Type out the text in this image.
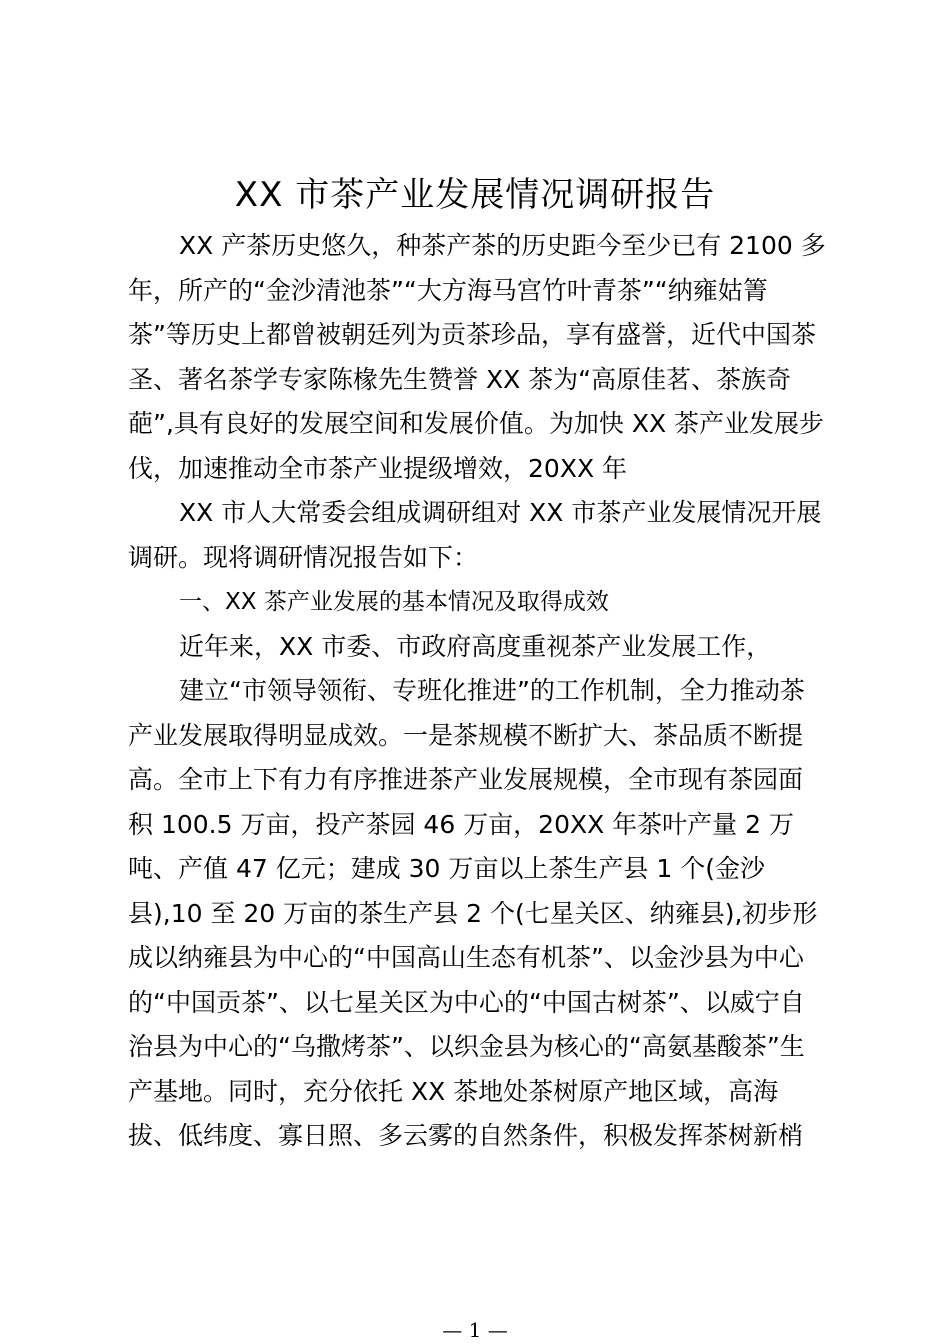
XX 市茶产业发展情况调研报告
XX 产茶历史悠久，种茶产茶的历史距今至少已有 2100 多
年，所产的“金沙清池茶”“大方海马宫竹叶青茶”“纳雍姑箐
茶”等历史上都曾被朝廷列为贡茶珍品，享有盛誉，近代中国茶
圣、著名茶学专家陈椽先生赞誉 XX 茶为“高原佳茗、茶族奇
葩”,具有良好的发展空间和发展价值。为加快 XX 茶产业发展步
伐，加速推动全市茶产业提级增效，20XX 年
XX 市人大常委会组成调研组对 XX 市茶产业发展情况开展
调研。现将调研情况报告如下：
一、XX 茶产业发展的基本情况及取得成效
近年来，XX 市委、市政府高度重视茶产业发展工作，
建立“市领导领衔、专班化推进”的工作机制，全力推动茶
产业发展取得明显成效。一是茶规模不断扩大、茶品质不断提
高。全市上下有力有序推进茶产业发展规模，全市现有茶园面
积 100.5 万亩，投产茶园 46 万亩，20XX 年茶叶产量 2 万
吨、产值 47 亿元；建成 30 万亩以上茶生产县 1 个(金沙
县),10 至 20 万亩的茶生产县 2 个(七星关区、纳雍县),初步形
成以纳雍县为中心的“中国高山生态有机茶”、以金沙县为中心
的“中国贡茶”、以七星关区为中心的“中国古树茶”、以威宁自
治县为中心的“乌撒烤茶”、以织金县为核心的“高氨基酸茶”生
产基地。同时，充分依托 XX 茶地处茶树原产地区域，高海
拔、低纬度、寡日照、多云雾的自然条件，积极发挥茶树新梢
— 1 —
